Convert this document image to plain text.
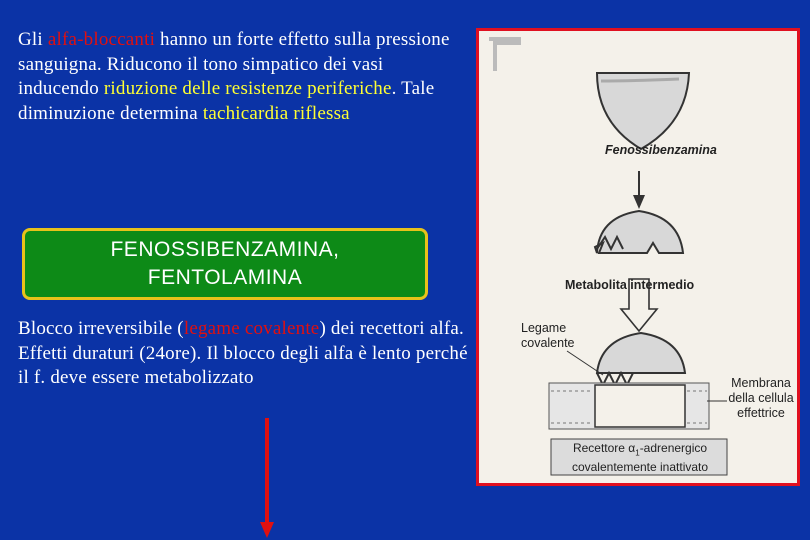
Gli alfa-bloccanti hanno un forte effetto sulla pressione sanguigna. Riducono il tono simpatico dei vasi inducendo riduzione delle resistenze periferiche. Tale diminuzione determina tachicardia riflessa
FENOSSIBENZAMINA,
FENTOLAMINA
Blocco irreversibile (legame covalente) dei recettori alfa. Effetti duraturi (24ore). Il blocco degli alfa è lento perché il f. deve essere metabolizzato
Fenossibenzamina
Metabolita intermedio
Legame covalente
Membrana della cellula effettrice
Recettore $\alpha_1$-adrenergico covalentemente inattivato
